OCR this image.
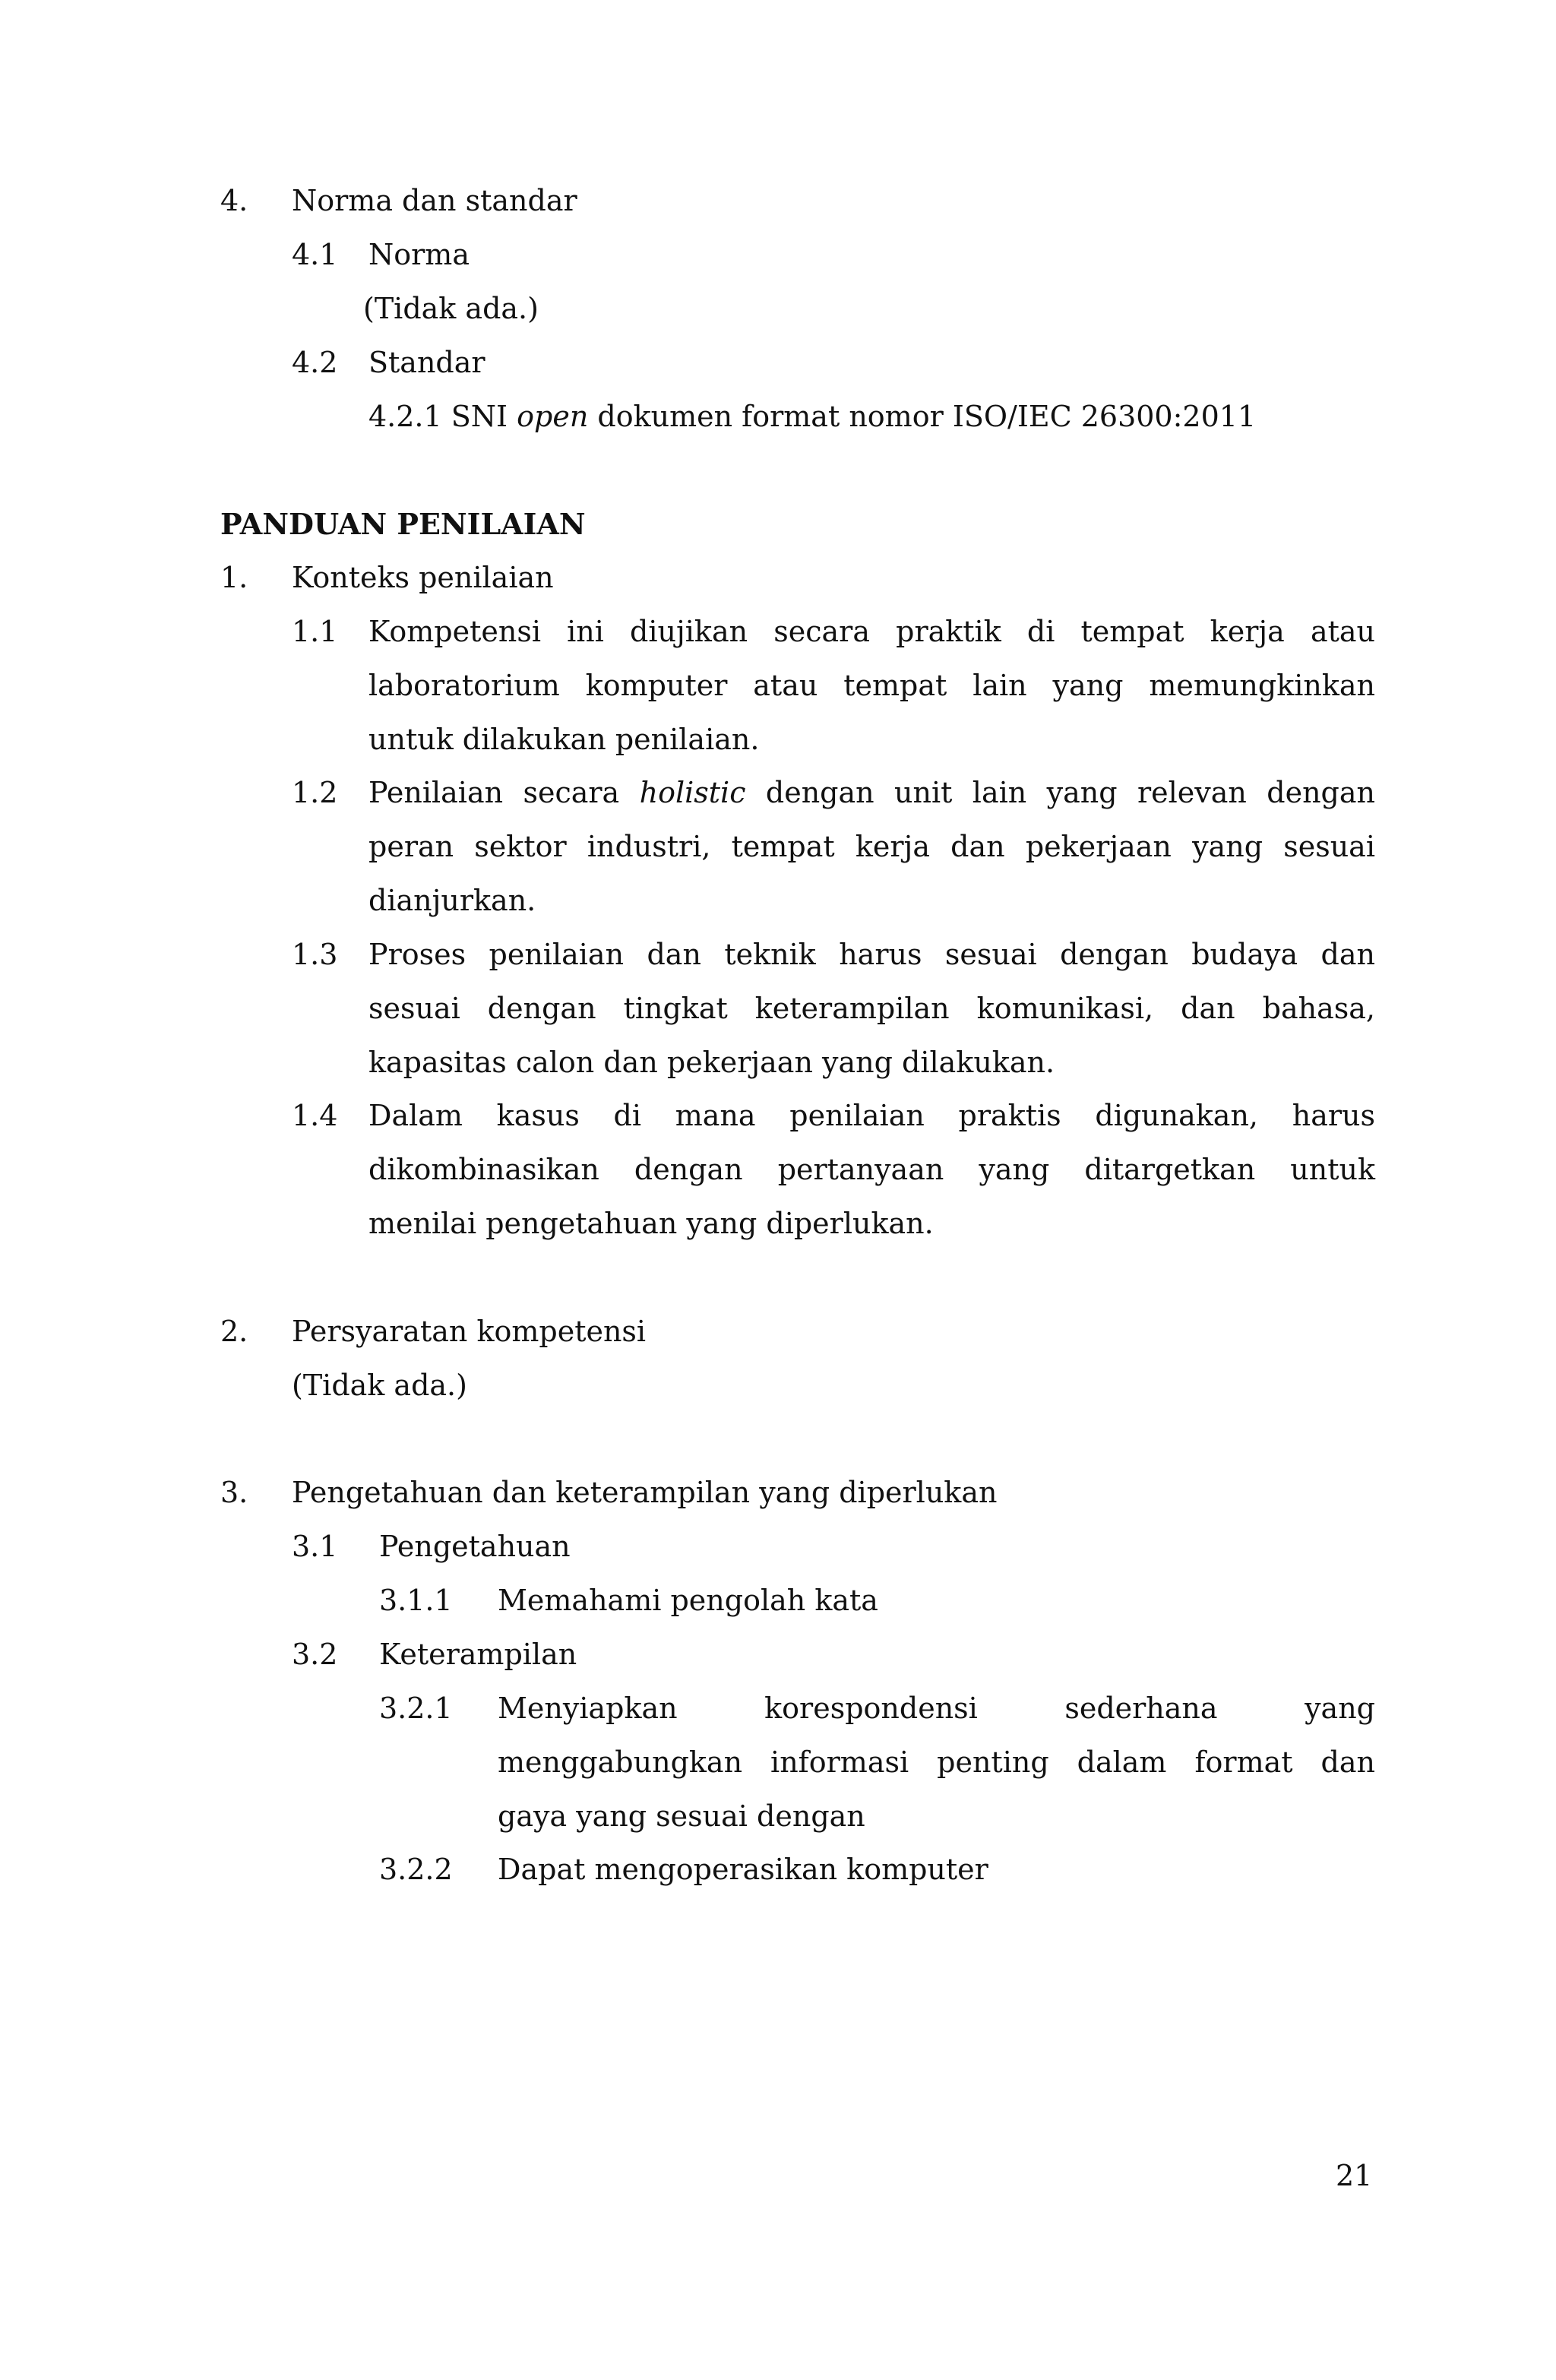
4. Norma dan standar
4.1 Norma
(Tidak ada.)
4.2 Standar
4.2.1 SNI open dokumen format nomor ISO/IEC 26300:2011
PANDUAN PENILAIAN
1. Konteks penilaian
1.1 Kompetensi ini diujikan secara praktik di tempat kerja atau
laboratorium komputer atau tempat lain yang memungkinkan
untuk dilakukan penilaian.
1.2 Penilaian secara holistic dengan unit lain yang relevan dengan
peran sektor industri, tempat kerja dan pekerjaan yang sesuai
dianjurkan.
1.3 Proses penilaian dan teknik harus sesuai dengan budaya dan
sesuai dengan tingkat keterampilan komunikasi, dan bahasa,
kapasitas calon dan pekerjaan yang dilakukan.
1.4 Dalam kasus di mana penilaian praktis digunakan, harus
dikombinasikan dengan pertanyaan yang ditargetkan untuk
menilai pengetahuan yang diperlukan.
2. Persyaratan kompetensi
(Tidak ada.)
3. Pengetahuan dan keterampilan yang diperlukan
3.1 Pengetahuan
3.1.1 Memahami pengolah kata
3.2 Keterampilan
3.2.1 Menyiapkan korespondensi sederhana yang
menggabungkan informasi penting dalam format dan
gaya yang sesuai dengan
3.2.2 Dapat mengoperasikan komputer
21
